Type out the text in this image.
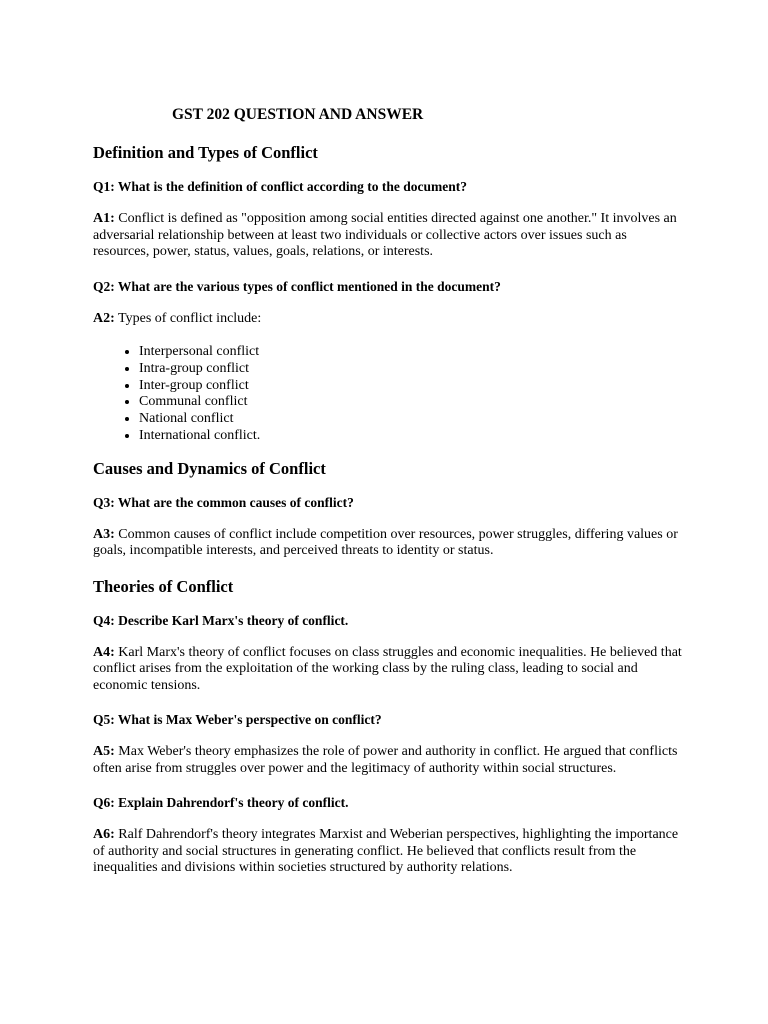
GST 202 QUESTION AND ANSWER
Definition and Types of Conflict

Q1: What is the definition of conflict according to the document?

A1: Conflict is defined as "opposition among social entities directed against one another." It involves an adversarial relationship between at least two individuals or collective actors over issues such as resources, power, status, values, goals, relations, or interests.

Q2: What are the various types of conflict mentioned in the document?

A2: Types of conflict include:

• Interpersonal conflict
• Intra-group conflict
• Inter-group conflict
• Communal conflict
• National conflict
• International conflict.
Causes and Dynamics of Conflict

Q3: What are the common causes of conflict?

A3: Common causes of conflict include competition over resources, power struggles, differing values or goals, incompatible interests, and perceived threats to identity or status.

Theories of Conflict

Q4: Describe Karl Marx's theory of conflict.

A4: Karl Marx's theory of conflict focuses on class struggles and economic inequalities. He believed that conflict arises from the exploitation of the working class by the ruling class, leading to social and economic tensions.

Q5: What is Max Weber's perspective on conflict?

A5: Max Weber's theory emphasizes the role of power and authority in conflict. He argued that conflicts often arise from struggles over power and the legitimacy of authority within social structures.

Q6: Explain Dahrendorf's theory of conflict.

A6: Ralf Dahrendorf's theory integrates Marxist and Weberian perspectives, highlighting the importance of authority and social structures in generating conflict. He believed that conflicts result from the inequalities and divisions within societies structured by authority relations.
